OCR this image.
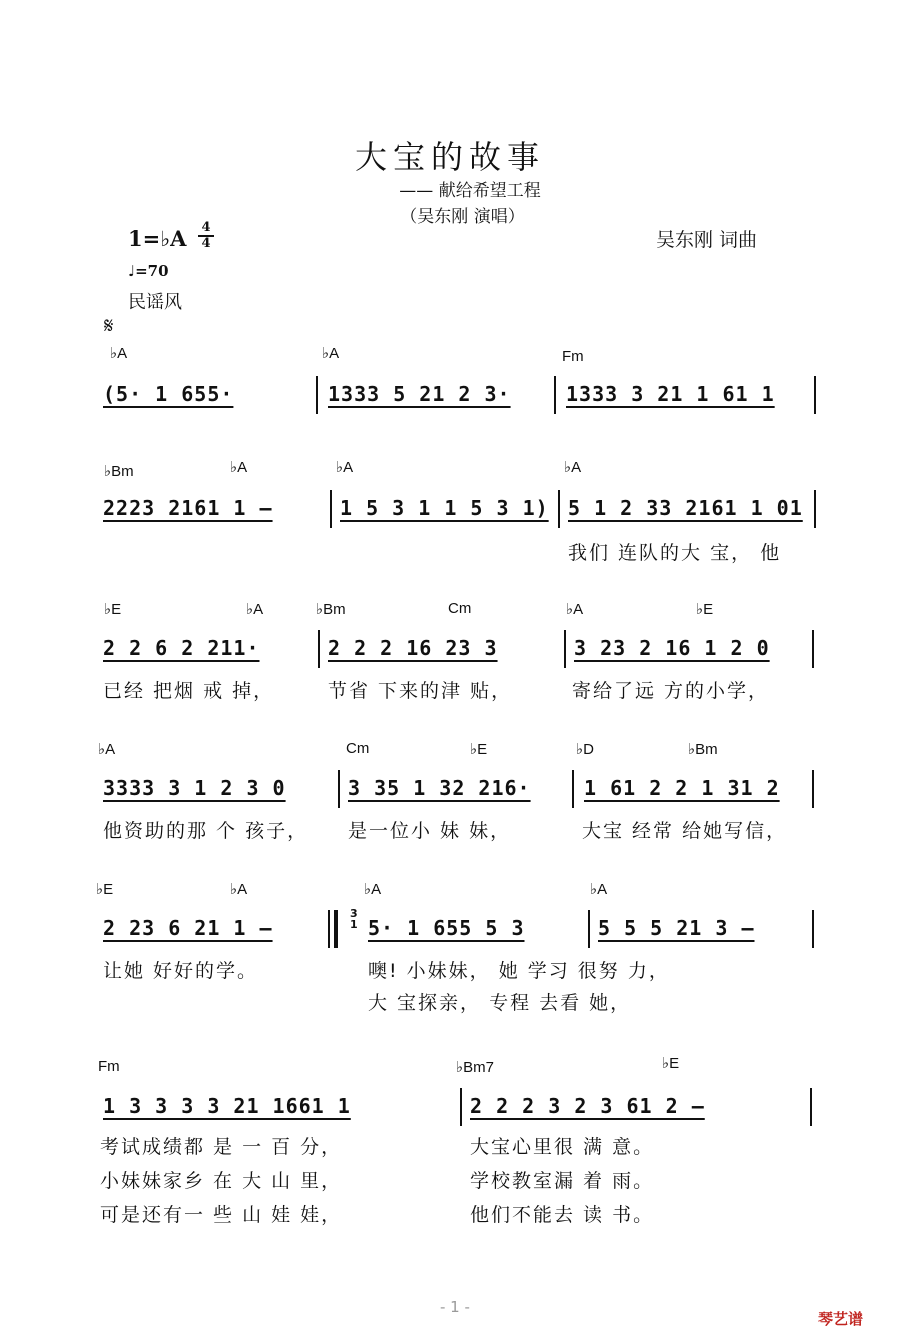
大宝的故事
—— 献给希望工程
（吴东刚 演唱）
吴东刚 词曲
1=♭A 4
4
♩=70
民谣风
𝄋
♭A	♭A	Fm
(5· 1 655·	1333 5 21 2 3·	1333 3 21 1 61 1
♭Bm	♭A	♭A	♭A
2223 2161 1 –	1 5 3 1 1 5 3 1) 5 1 2 33 2161 1 01
我们 连队的大 宝， 他
♭E	♭A	♭Bm	Cm	♭A	♭E
2 2 6 2 211·	2 2 2 16 23 3	3 23 2 16 1 2 0
已经 把烟 戒 掉，	节省 下来的津 贴，	寄给了远 方的小学，
♭A	Cm	♭E	♭D	♭Bm
3333 3 1 2 3 0	3 35 1 32 216·	1 61 2 2 1 31 2
他资助的那 个 孩子， 是一位小 妹 妹，	大宝 经常 给她写信，
♭E	♭A	♭A	♭A
2 23 6 21 1 –
3
1 5· 1 655 5 3	5 5 5 21 3 –
让她 好好的学。	噢! 小妹妹， 她 学习 很努 力，
大 宝探亲， 专程 去看 她，
Fm	♭Bm7	♭E
1 3 3 3 3 21 1661 1	2 2 2 3 2 3 61 2 –
考试成绩都 是 一 百 分，
小妹妹家乡 在 大 山 里，
可是还有一 些 山 娃 娃，
大宝心里很 满 意。
学校教室漏 着 雨。
他们不能去 读 书。
- 1 -
琴艺谱
